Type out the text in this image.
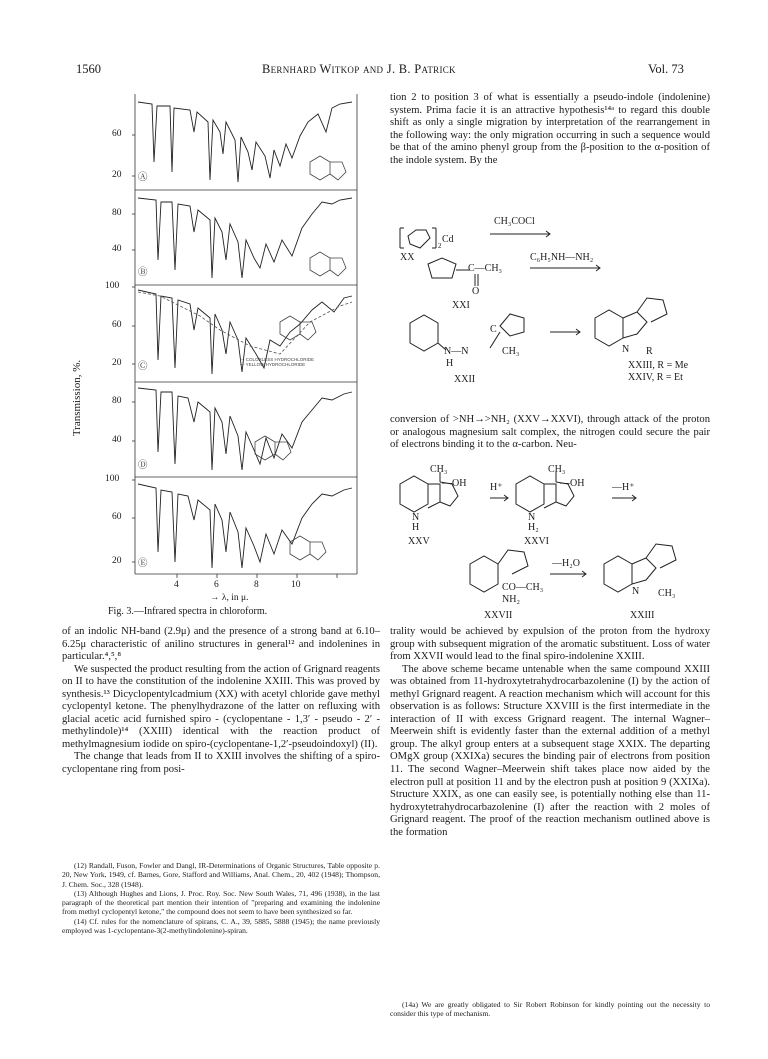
1560	Bernhard Witkop and J. B. Patrick	Vol. 73
60
20
80
40
100
60
20
80
40
100
60
20
Ⓐ
Ⓑ
Ⓒ
Ⓓ
Ⓔ
--- COLORLESS HYDROCHLORIDE
— YELLOW HYDROCHLORIDE
Transmission, %.
4	6	8	10
→ λ, in μ.
Fig. 3.—Infrared spectra in chloroform.

of an indolic NH-band (2.9μ) and the presence of a strong band at 6.10–6.25μ characteristic of anilino structures in general¹² and indolenines in particular.⁴,⁵,⁸

We suspected the product resulting from the action of Grignard reagents on II to have the constitution of the indolenine XXIII. This was proved by synthesis.¹³ Dicyclopentylcadmium (XX) with acetyl chloride gave methyl cyclopentyl ketone. The phenylhydrazone of the latter on refluxing with glacial acetic acid furnished spiro - (cyclopentane - 1,3′ - pseudo - 2′ - methylindole)¹⁴ (XXIII) identical with the reaction product of methylmagnesium iodide on spiro-(cyclopentane-1,2′-pseudoindoxyl) (II).

The change that leads from II to XXIII involves the shifting of a spiro-cyclopentane ring from posi-

(12) Randall, Fuson, Fowler and Dangl, IR-Determinations of Organic Structures, Table opposite p. 20, New York, 1949, cf. Barnes, Gore, Stafford and Williams, Anal. Chem., 20, 402 (1948); Thompson, J. Chem. Soc., 328 (1948).

(13) Although Hughes and Lions, J. Proc. Roy. Soc. New South Wales, 71, 496 (1938), in the last paragraph of the theoretical part mention their intention of "preparing and examining the indolenine from methyl cyclopentyl ketone," the compound does not seem to have been synthesized so far.

(14) Cf. rules for the nomenclature of spirans, C. A., 39, 5885, 5888 (1945); the name previously employed was 1-cyclopentane-3(2-methylindolenine)-spiran.

tion 2 to position 3 of what is essentially a pseudo-indole (indolenine) system. Prima facie it is an attractive hypothesis¹⁴ᵃ to regard this double shift as only a single migration by interpretation of the rearrangement in the following way: the only migration occurring in such a sequence would be that of the amino phenyl group from the β-position to the α-position of the indole system. By the

CH₃COCl
Cd
2
XX	C₆H₅NH—NH₂
C—CH₃
O
XXI
C
N—N	CH₃
H
XXII
N R
XXIII, R = Me
XXIV, R = Et

conversion of >NH→>NH₂ (XXV→XXVI), through attack of the proton or analogous magnesium salt complex, the nitrogen could secure the pair of electrons binding it to the α-carbon. Neu-

CH₃
—OH H⁺
CH₃
—OH	—H⁺
N
H
N
H₂
XXV	XXVI
—H₂O
CO—CH₃
NH₂
N CH₃
XXVII	XXIII

trality would be achieved by expulsion of the proton from the hydroxy group with subsequent migration of the aromatic substituent. Loss of water from XXVII would lead to the final spiro-indolenine XXIII.

The above scheme became untenable when the same compound XXIII was obtained from 11-hydroxytetrahydrocarbazolenine (I) by the action of methyl Grignard reagent. A reaction mechanism which will account for this observation is as follows: Structure XXVIII is the first intermediate in the interaction of II with excess Grignard reagent. The internal Wagner–Meerwein shift is evidently faster than the external addition of a methyl group. The alkyl group enters at a subsequent stage XXIX. The departing OMgX group (XXIXa) secures the binding pair of electrons from position 11. The second Wagner–Meerwein shift takes place now aided by the electron pull at position 11 and by the electron push at position 9 (XXIXa). Structure XXIX, as one can easily see, is potentially nothing else than 11-hydroxytetrahydrocarbazolenine (I) after the reaction with 2 moles of Grignard reagent. The proof of the reaction mechanism outlined above is the formation

(14a) We are greatly obligated to Sir Robert Robinson for kindly pointing out the necessity to consider this type of mechanism.
